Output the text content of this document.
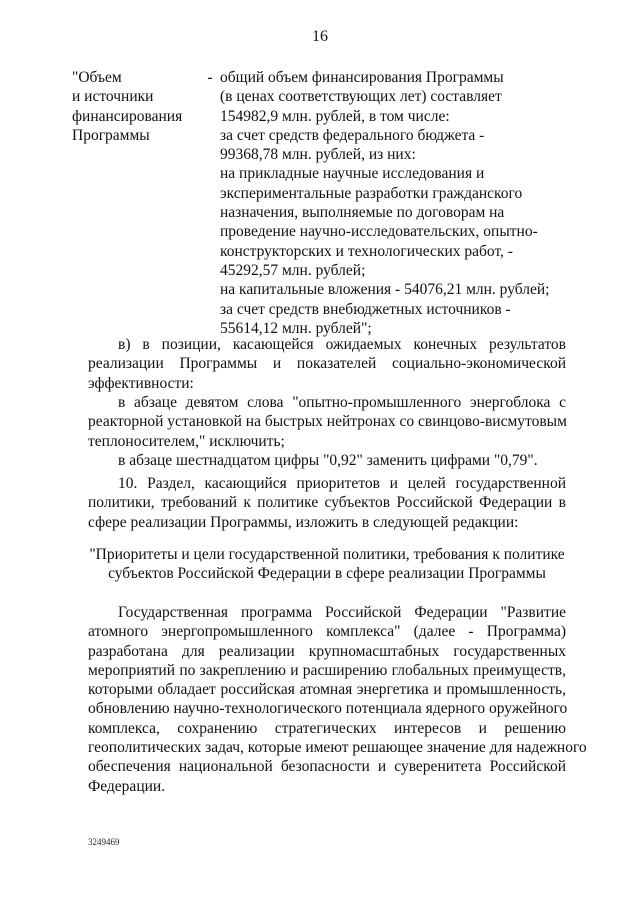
16
"Объем
и источники
финансирования
Программы
- общий объем финансирования Программы
(в ценах соответствующих лет) составляет
154982,9 млн. рублей, в том числе:
за счет средств федерального бюджета -
99368,78 млн. рублей, из них:
на прикладные научные исследования и
экспериментальные разработки гражданского
назначения, выполняемые по договорам на
проведение научно-исследовательских, опытно-
конструкторских и технологических работ, -
45292,57 млн. рублей;
на капитальные вложения - 54076,21 млн. рублей;
за счет средств внебюджетных источников -
55614,12 млн. рублей";
в) в позиции, касающейся ожидаемых конечных результатов
реализации Программы и показателей социально-экономической
эффективности:
в абзаце девятом слова "опытно-промышленного энергоблока с
реакторной установкой на быстрых нейтронах со свинцово-висмутовым
теплоносителем," исключить;
в абзаце шестнадцатом цифры "0,92" заменить цифрами "0,79".
10. Раздел, касающийся приоритетов и целей государственной
политики, требований к политике субъектов Российской Федерации в
сфере реализации Программы, изложить в следующей редакции:
"Приоритеты и цели государственной политики, требования к политике
субъектов Российской Федерации в сфере реализации Программы
Государственная программа Российской Федерации "Развитие
атомного энергопромышленного комплекса" (далее - Программа)
разработана для реализации крупномасштабных государственных
мероприятий по закреплению и расширению глобальных преимуществ,
которыми обладает российская атомная энергетика и промышленность,
обновлению научно-технологического потенциала ядерного оружейного
комплекса, сохранению стратегических интересов и решению
геополитических задач, которые имеют решающее значение для надежного
обеспечения национальной безопасности и суверенитета Российской
Федерации.
3249469
